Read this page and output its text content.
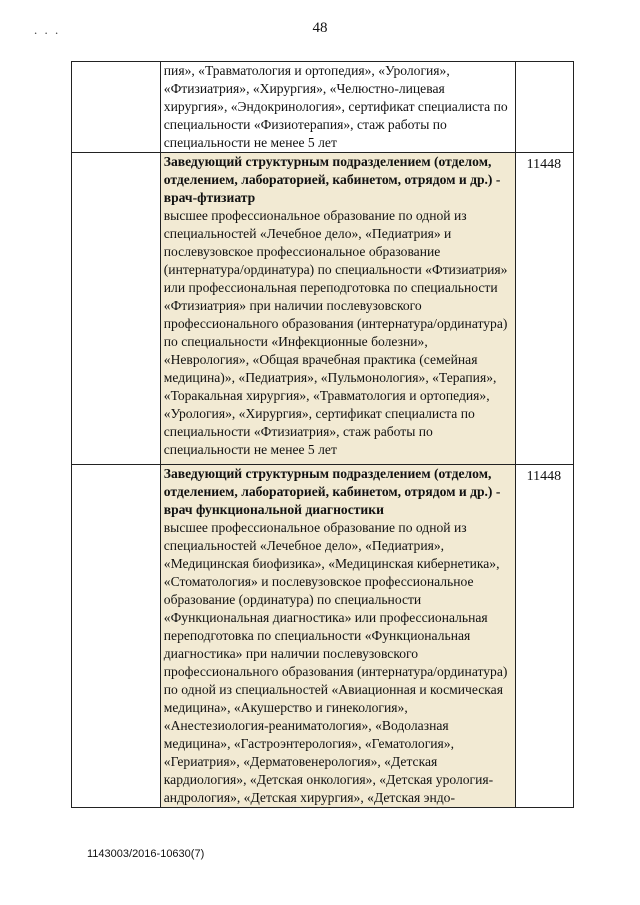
. . .	48

	пия», «Травматология и ортопедия», «Урология», «Фтизиатрия», «Хирургия», «Челюстно-лицевая хирургия», «Эндокринология», сертификат специалиста по специальности «Физиотерапия», стаж работы по специальности не менее 5 лет	

	Заведующий структурным подразделением (отделом, отделением, лабораторией, кабинетом, отрядом и др.) - врач-фтизиатр
высшее профессиональное образование по одной из специальностей «Лечебное дело», «Педиатрия» и послевузовское профессиональное образование (интернатура/ординатура) по специальности «Фтизиатрия» или профессиональная переподготовка по специальности «Фтизиатрия» при наличии послевузовского профессионального образования (интернатура/ординатура) по специальности «Инфекционные болезни», «Неврология», «Общая врачебная практика (семейная медицина)», «Педиатрия», «Пульмонология», «Терапия», «Торакальная хирургия», «Травматология и ортопедия», «Урология», «Хирургия», сертификат специалиста по специальности «Фтизиатрия», стаж работы по специальности не менее 5 лет	11448

	Заведующий структурным подразделением (отделом, отделением, лабораторией, кабинетом, отрядом и др.) - врач функциональной диагностики
высшее профессиональное образование по одной из специальностей «Лечебное дело», «Педиатрия», «Медицинская биофизика», «Медицинская кибернетика», «Стоматология» и послевузовское профессиональное образование (ординатура) по специальности «Функциональная диагностика» или профессиональная переподготовка по специальности «Функциональная диагностика» при наличии послевузовского профессионального образования (интернатура/ординатура) по одной из специальностей «Авиационная и космическая медицина», «Акушерство и гинекология», «Анестезиология-реаниматология», «Водолазная медицина», «Гастроэнтерология», «Гематология», «Гериатрия», «Дерматовенерология», «Детская кардиология», «Детская онкология», «Детская урология-андрология», «Детская хирургия», «Детская эндо-	11448
1143003/2016-10630(7)
